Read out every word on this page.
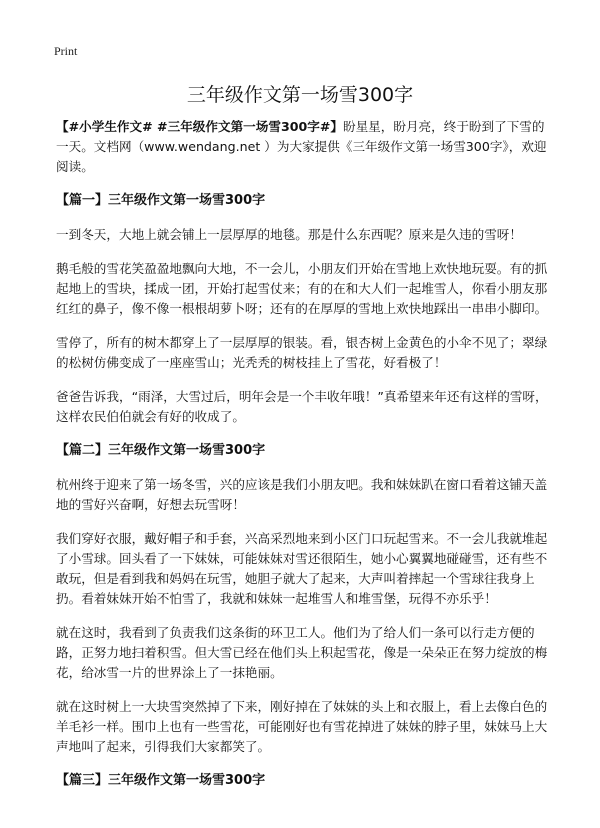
Print
三年级作文第一场雪300字

【#小学生作文# #三年级作文第一场雪300字#】盼星星，盼月亮，终于盼到了下雪的一天。文档网（www.wendang.net ）为大家提供《三年级作文第一场雪300字》，欢迎阅读。

【篇一】三年级作文第一场雪300字

一到冬天，大地上就会铺上一层厚厚的地毯。那是什么东西呢？原来是久违的雪呀！

鹅毛般的雪花笑盈盈地飘向大地，不一会儿，小朋友们开始在雪地上欢快地玩耍。有的抓起地上的雪块，揉成一团，开始打起雪仗来；有的在和大人们一起堆雪人，你看小朋友那红红的鼻子，像不像一根根胡萝卜呀；还有的在厚厚的雪地上欢快地踩出一串串小脚印。

雪停了，所有的树木都穿上了一层厚厚的银装。看，银杏树上金黄色的小伞不见了；翠绿的松树仿佛变成了一座座雪山；光秃秃的树枝挂上了雪花，好看极了！

爸爸告诉我，“雨泽，大雪过后，明年会是一个丰收年哦！”真希望来年还有这样的雪呀，这样农民伯伯就会有好的收成了。

【篇二】三年级作文第一场雪300字

杭州终于迎来了第一场冬雪，兴的应该是我们小朋友吧。我和妹妹趴在窗口看着这铺天盖地的雪好兴奋啊，好想去玩雪呀！

我们穿好衣服，戴好帽子和手套，兴高采烈地来到小区门口玩起雪来。不一会儿我就堆起了小雪球。回头看了一下妹妹，可能妹妹对雪还很陌生，她小心翼翼地碰碰雪，还有些不敢玩，但是看到我和妈妈在玩雪，她胆子就大了起来，大声叫着摔起一个雪球往我身上扔。看着妹妹开始不怕雪了，我就和妹妹一起堆雪人和堆雪堡，玩得不亦乐乎！

就在这时，我看到了负责我们这条街的环卫工人。他们为了给人们一条可以行走方便的路，正努力地扫着积雪。但大雪已经在他们头上积起雪花，像是一朵朵正在努力绽放的梅花，给冰雪一片的世界涂上了一抹艳丽。

就在这时树上一大块雪突然掉了下来，刚好掉在了妹妹的头上和衣服上，看上去像白色的羊毛衫一样。围巾上也有一些雪花，可能刚好也有雪花掉进了妹妹的脖子里，妹妹马上大声地叫了起来，引得我们大家都笑了。

【篇三】三年级作文第一场雪300字
